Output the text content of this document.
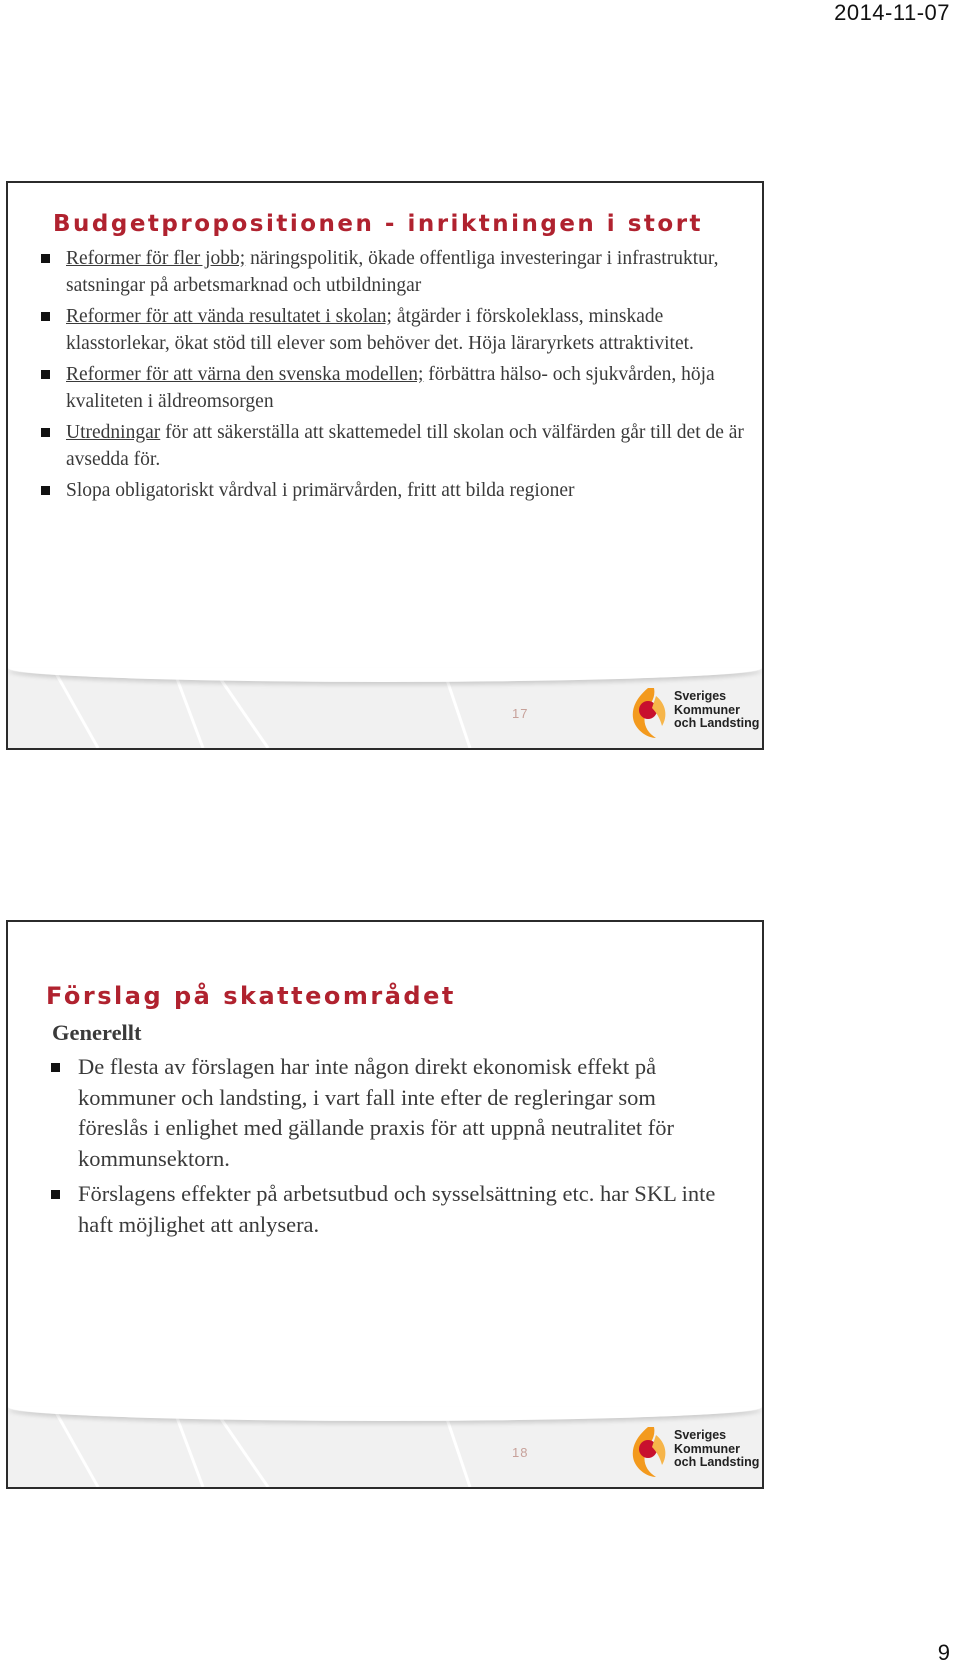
2014-11-07
Budgetpropositionen - inriktningen i stort
Reformer för fler jobb; näringspolitik, ökade offentliga investeringar i infrastruktur, satsningar på arbetsmarknad och utbildningar
Reformer för att vända resultatet i skolan; åtgärder i förskoleklass, minskade klasstorlekar, ökat stöd till elever som behöver det. Höja läraryrkets attraktivitet.
Reformer för att värna den svenska modellen; förbättra hälso- och sjukvården, höja kvaliteten i äldreomsorgen
Utredningar för att säkerställa att skattemedel till skolan och välfärden går till det de är avsedda för.
Slopa obligatoriskt vårdval i primärvården, fritt att bilda regioner
17
Sveriges
Kommuner
och Landsting
Förslag på skatteområdet
Generellt
De flesta av förslagen har inte någon direkt ekonomisk effekt på kommuner och landsting, i vart fall inte efter de regleringar som föreslås i enlighet med gällande praxis för att uppnå neutralitet för kommunsektorn.
Förslagens effekter på arbetsutbud och sysselsättning etc. har SKL inte haft möjlighet att anlysera.
18
Sveriges
Kommuner
och Landsting
9
